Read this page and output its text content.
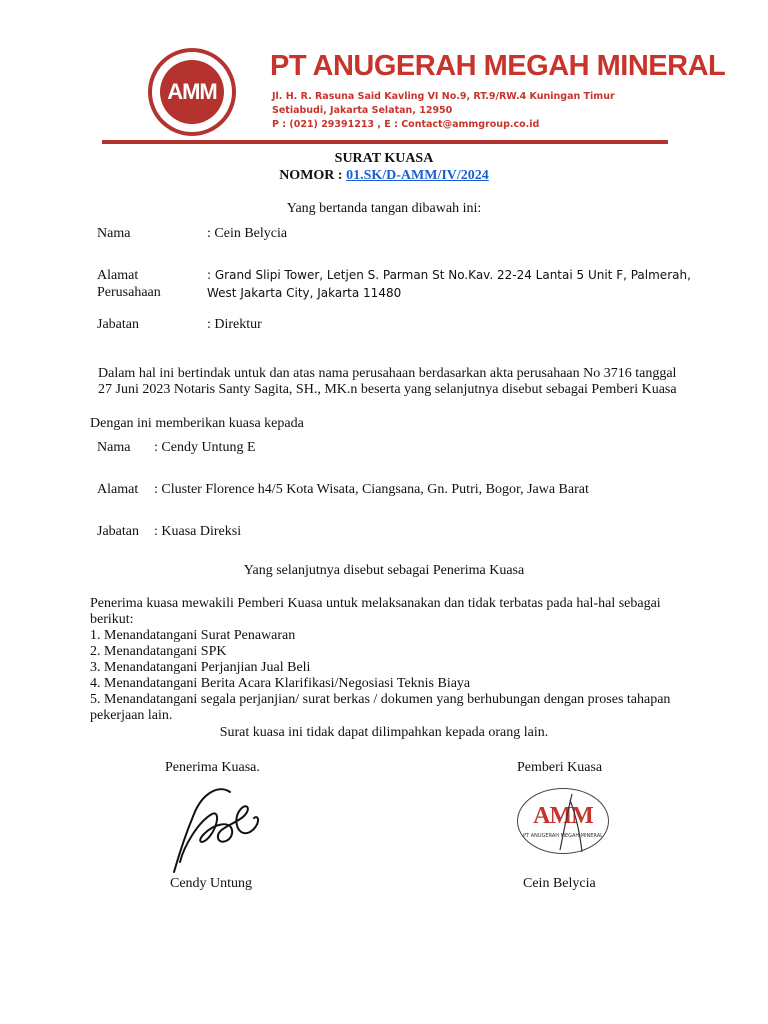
AMM
PT ANUGERAH MEGAH MINERAL
Jl. H. R. Rasuna Said Kavling VI No.9, RT.9/RW.4 Kuningan Timur
Setiabudi, Jakarta Selatan, 12950
P : (021) 29391213 , E : Contact@ammgroup.co.id
SURAT KUASA
NOMOR : 01.SK/D-AMM/IV/2024
Yang bertanda tangan dibawah ini:
Nama	: Cein Belycia
Alamat
Perusahaan
: Grand Slipi Tower, Letjen S. Parman St No.Kav. 22-24 Lantai 5 Unit F, Palmerah,
West Jakarta City, Jakarta 11480
Jabatan	: Direktur
Dalam hal ini bertindak untuk dan atas nama perusahaan berdasarkan akta perusahaan No 3716 tanggal
27 Juni 2023 Notaris Santy Sagita, SH., MK.n beserta yang selanjutnya disebut sebagai Pemberi Kuasa
Dengan ini memberikan kuasa kepada
Nama : Cendy Untung E
Alamat : Cluster Florence h4/5 Kota Wisata, Ciangsana, Gn. Putri, Bogor, Jawa Barat
Jabatan : Kuasa Direksi
Yang selanjutnya disebut sebagai Penerima Kuasa
Penerima kuasa mewakili Pemberi Kuasa untuk melaksanakan dan tidak terbatas pada hal-hal sebagai
berikut:
1. Menandatangani Surat Penawaran
2. Menandatangani SPK
3. Menandatangani Perjanjian Jual Beli
4. Menandatangani Berita Acara Klarifikasi/Negosiasi Teknis Biaya
5. Menandatangani segala perjanjian/ surat berkas / dokumen yang berhubungan dengan proses tahapan
pekerjaan lain.
Surat kuasa ini tidak dapat dilimpahkan kepada orang lain.
Penerima Kuasa.	Pemberi Kuasa
AMM
PT ANUGERAH MEGAH MINERAL
Cendy Untung	Cein Belycia
